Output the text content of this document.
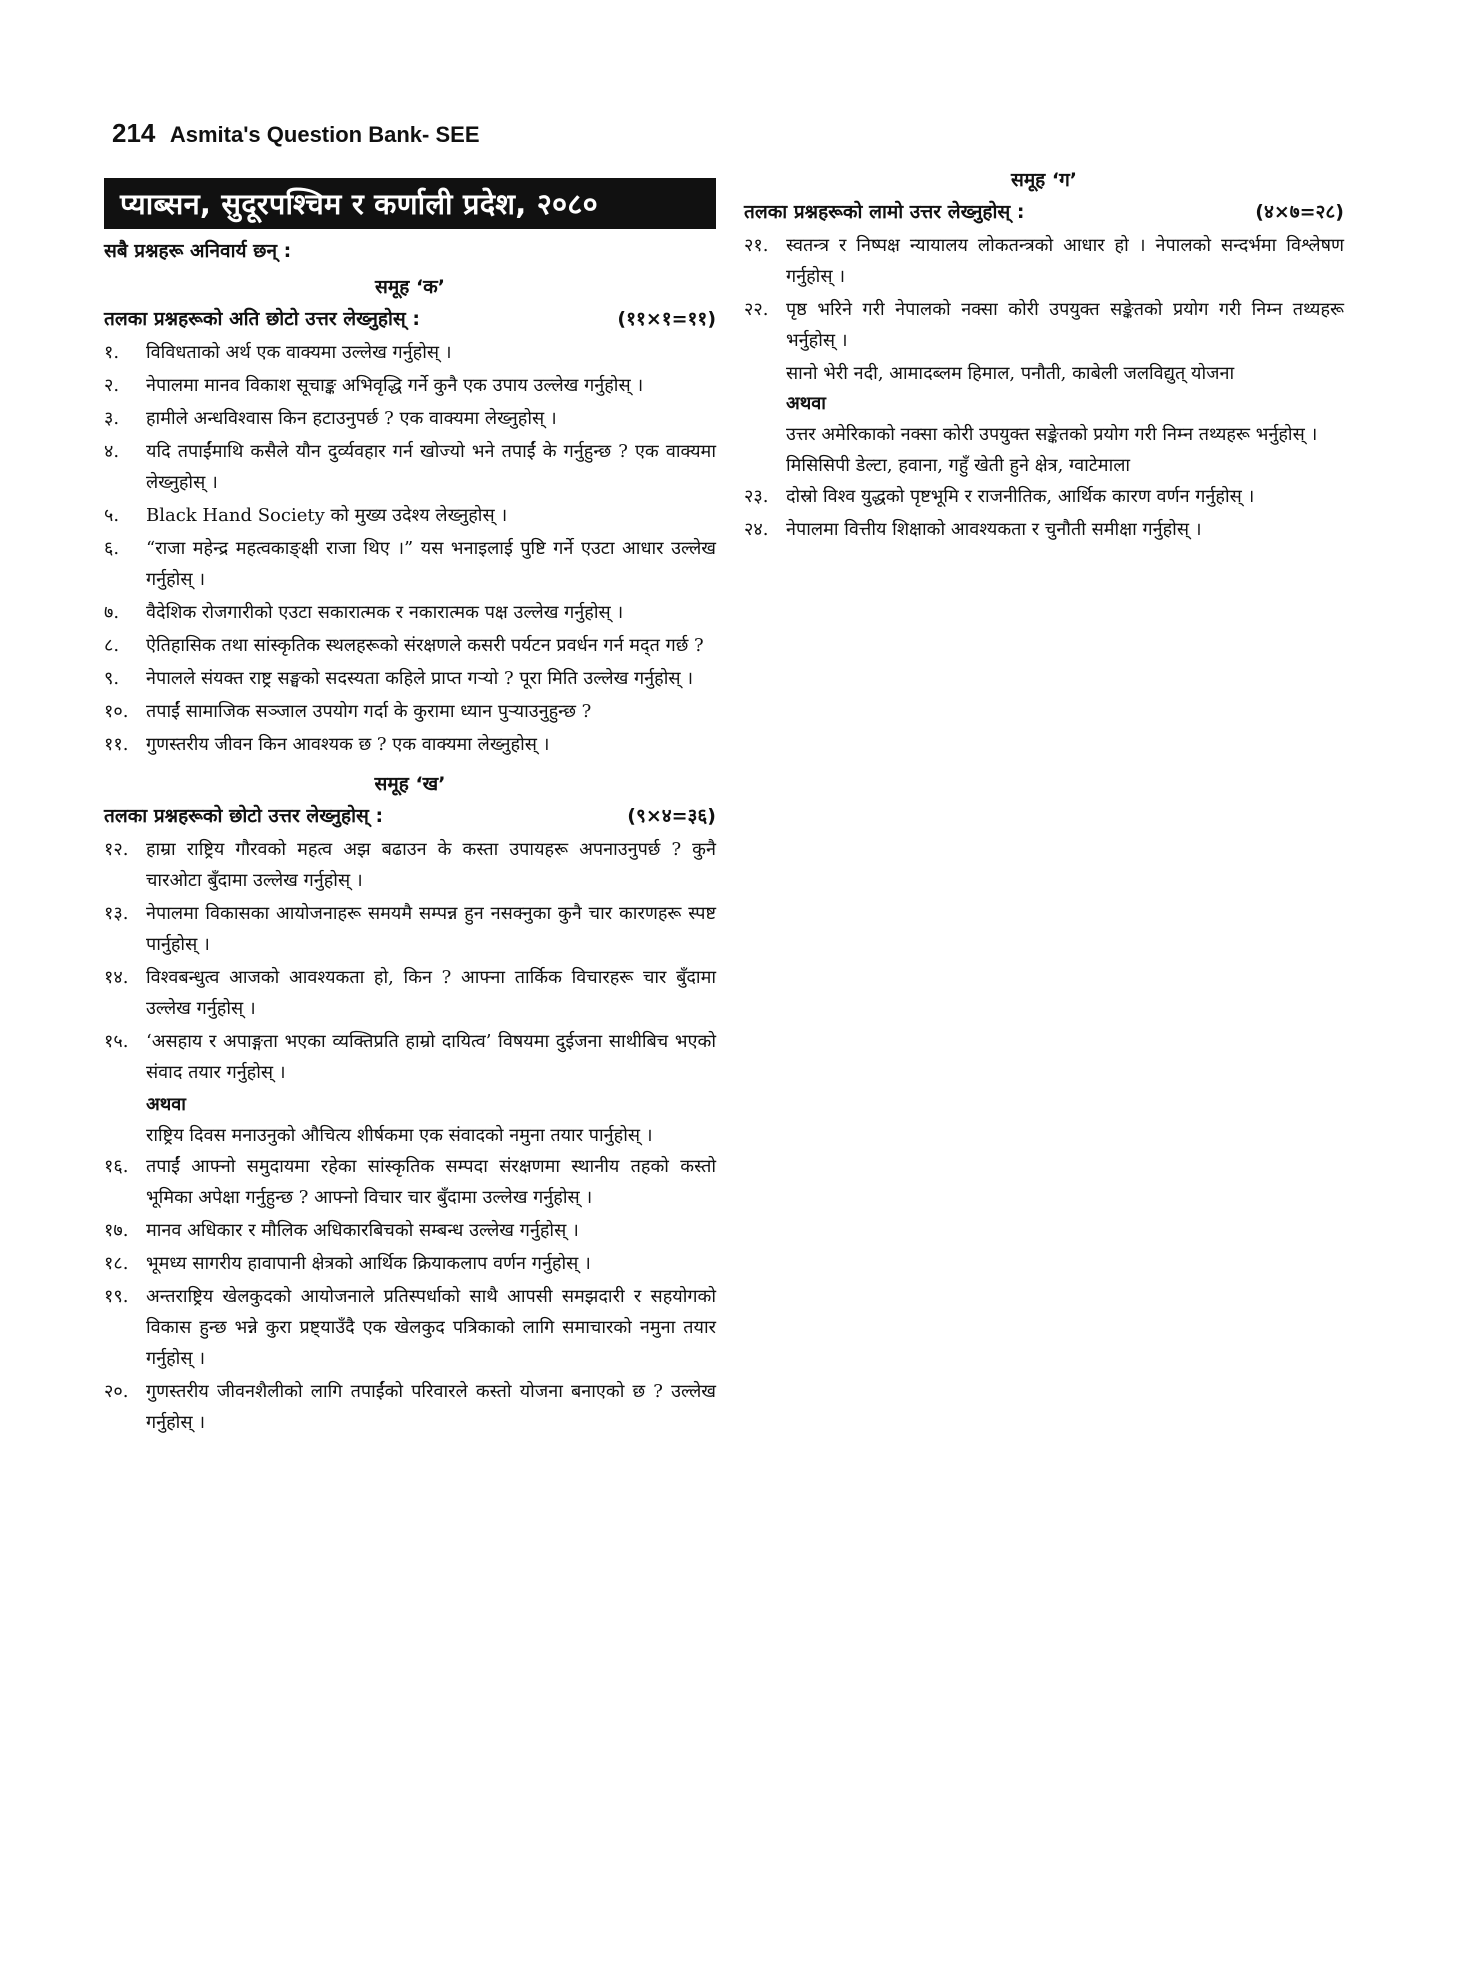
214 Asmita's Question Bank- SEE
प्याब्सन, सुदूरपश्चिम र कर्णाली प्रदेश, २०८०
सबै प्रश्नहरू अनिवार्य छन् :
समूह ‘क’
तलका प्रश्नहरूको अति छोटो उत्तर लेख्नुहोस् :	(११×१=११)
१.	विविधताको अर्थ एक वाक्यमा उल्लेख गर्नुहोस् ।
२.	नेपालमा मानव विकाश सूचाङ्क अभिवृद्धि गर्ने कुनै एक उपाय उल्लेख गर्नुहोस् ।
३.	हामीले अन्धविश्वास किन हटाउनुपर्छ ? एक वाक्यमा लेख्नुहोस् ।
४.	यदि तपाईंमाथि कसैले यौन दुर्व्यवहार गर्न खोज्यो भने तपाईं के गर्नुहुन्छ ? एक वाक्यमा लेख्नुहोस् ।
५.	Black Hand Society को मुख्य उदेश्य लेख्नुहोस् ।
६.	“राजा महेन्द्र महत्वकाङ्क्षी राजा थिए ।” यस भनाइलाई पुष्टि गर्ने एउटा आधार उल्लेख गर्नुहोस् ।
७.	वैदेशिक रोजगारीको एउटा सकारात्मक र नकारात्मक पक्ष उल्लेख गर्नुहोस् ।
८.	ऐतिहासिक तथा सांस्कृतिक स्थलहरूको संरक्षणले कसरी पर्यटन प्रवर्धन गर्न मद्त गर्छ ?
९.	नेपालले संयक्त राष्ट्र सङ्घको सदस्यता कहिले प्राप्त गऱ्यो ? पूरा मिति उल्लेख गर्नुहोस् ।
१०. तपाईं सामाजिक सञ्जाल उपयोग गर्दा के कुरामा ध्यान पुऱ्याउनुहुन्छ ?
११. गुणस्तरीय जीवन किन आवश्यक छ ? एक वाक्यमा लेख्नुहोस् ।
समूह ‘ख’
तलका प्रश्नहरूको छोटो उत्तर लेख्नुहोस् :	(९×४=३६)
१२. हाम्रा राष्ट्रिय गौरवको महत्व अझ बढाउन के कस्ता उपायहरू अपनाउनुपर्छ ? कुनै चारओटा बुँदामा उल्लेख गर्नुहोस् ।
१३. नेपालमा विकासका आयोजनाहरू समयमै सम्पन्न हुन नसक्नुका कुनै चार कारणहरू स्पष्ट पार्नुहोस् ।
१४. विश्वबन्धुत्व आजको आवश्यकता हो, किन ? आफ्ना तार्किक विचारहरू चार बुँदामा उल्लेख गर्नुहोस् ।
१५. ‘असहाय र अपाङ्गता भएका व्यक्तिप्रति हाम्रो दायित्व’ विषयमा दुईजना साथीबिच भएको संवाद तयार गर्नुहोस् ।
अथवा
राष्ट्रिय दिवस मनाउनुको औचित्य शीर्षकमा एक संवादको नमुना तयार पार्नुहोस् ।
१६. तपाईं आफ्नो समुदायमा रहेका सांस्कृतिक सम्पदा संरक्षणमा स्थानीय तहको कस्तो भूमिका अपेक्षा गर्नुहुन्छ ? आफ्नो विचार चार बुँदामा उल्लेख गर्नुहोस् ।
१७. मानव अधिकार र मौलिक अधिकारबिचको सम्बन्ध उल्लेख गर्नुहोस् ।
१८. भूमध्य सागरीय हावापानी क्षेत्रको आर्थिक क्रियाकलाप वर्णन गर्नुहोस् ।
१९. अन्तराष्ट्रिय खेलकुदको आयोजनाले प्रतिस्पर्धाको साथै आपसी समझदारी र सहयोगको विकास हुन्छ भन्ने कुरा प्रष्ट्याउँदै एक खेलकुद पत्रिकाको लागि समाचारको नमुना तयार गर्नुहोस् ।
२०. गुणस्तरीय जीवनशैलीको लागि तपाईंको परिवारले कस्तो योजना बनाएको छ ? उल्लेख गर्नुहोस् ।
समूह ‘ग’
तलका प्रश्नहरूको लामो उत्तर लेख्नुहोस् :	(४×७=२८)
२१. स्वतन्त्र र निष्पक्ष न्यायालय लोकतन्त्रको आधार हो । नेपालको सन्दर्भमा विश्लेषण गर्नुहोस् ।
२२. पृष्ठ भरिने गरी नेपालको नक्सा कोरी उपयुक्त सङ्केतको प्रयोग गरी निम्न तथ्यहरू भर्नुहोस् ।
सानो भेरी नदी, आमादब्लम हिमाल, पनौती, काबेली जलविद्युत् योजना
अथवा
उत्तर अमेरिकाको नक्सा कोरी उपयुक्त सङ्केतको प्रयोग गरी निम्न तथ्यहरू भर्नुहोस् ।
मिसिसिपी डेल्टा, हवाना, गहुँ खेती हुने क्षेत्र, ग्वाटेमाला
२३. दोस्रो विश्व युद्धको पृष्टभूमि र राजनीतिक, आर्थिक कारण वर्णन गर्नुहोस् ।
२४. नेपालमा वित्तीय शिक्षाको आवश्यकता र चुनौती समीक्षा गर्नुहोस् ।
